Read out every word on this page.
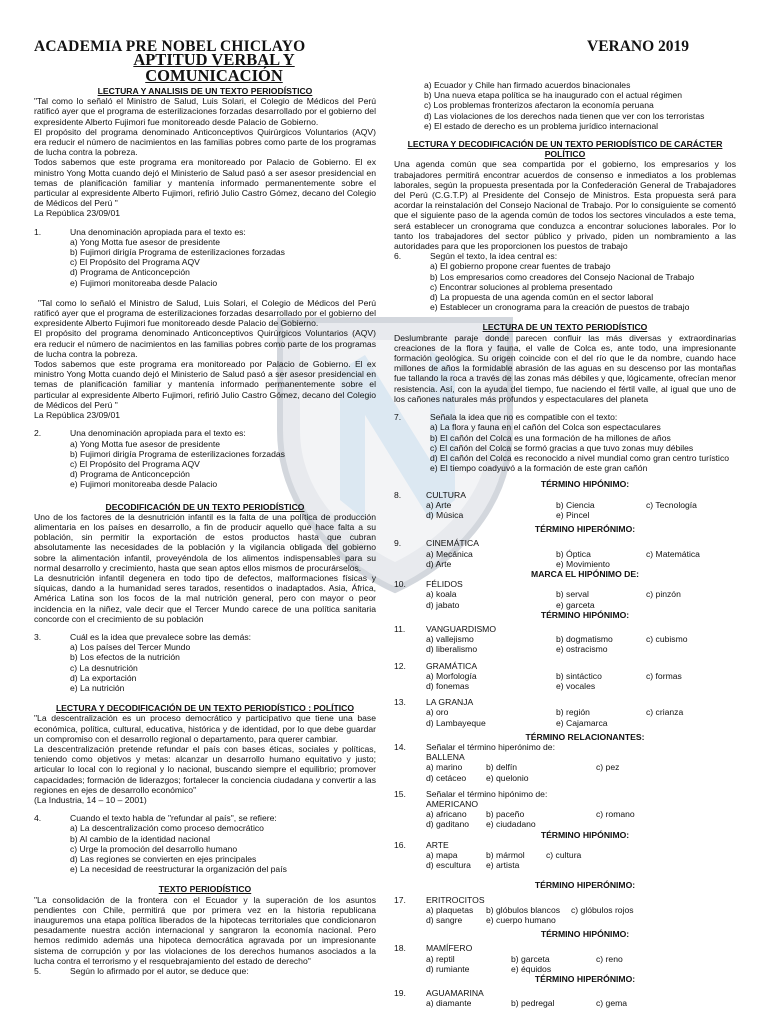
ACADEMIA PRE NOBEL CHICLAYO	VERANO 2019
APTITUD VERBAL Y
COMUNICACIÓN

LECTURA Y ANALISIS DE UN TEXTO PERIODÍSTICO

"Tal como lo señaló el Ministro de Salud, Luis Solari, el Colegio de Médicos del Perú ratificó ayer que el programa de esterilizaciones forzadas desarrollado por el gobierno del expresidente Alberto Fujimori fue monitoreado desde Palacio de Gobierno.

El propósito del programa denominado Anticonceptivos Quirúrgicos Voluntarios (AQV) era reducir el número de nacimientos en las familias pobres como parte de los programas de lucha contra la pobreza.

Todos sabemos que este programa era monitoreado por Palacio de Gobierno. El ex ministro Yong Motta cuando dejó el Ministerio de Salud pasó a ser asesor presidencial en temas de planificación familiar y mantenía informado permanentemente sobre el particular al expresidente Alberto Fujimori, refirió Julio Castro Gómez, decano del Colegio de Médicos del Perú "

La República 23/09/01

1.	Una denominación apropiada para el texto es:

a) Yong Motta fue asesor de presidente

b) Fujimori dirigía Programa de esterilizaciones forzadas

c) El Propósito del Programa AQV

d) Programa de Anticoncepción

e) Fujimori monitoreaba desde Palacio

"Tal como lo señaló el Ministro de Salud, Luis Solari, el Colegio de Médicos del Perú ratificó ayer que el programa de esterilizaciones forzadas desarrollado por el gobierno del expresidente Alberto Fujimori fue monitoreado desde Palacio de Gobierno.

El propósito del programa denominado Anticonceptivos Quirúrgicos Voluntarios (AQV) era reducir el número de nacimientos en las familias pobres como parte de los programas de lucha contra la pobreza.

Todos sabemos que este programa era monitoreado por Palacio de Gobierno. El ex ministro Yong Motta cuando dejó el Ministerio de Salud pasó a ser asesor presidencial en temas de planificación familiar y mantenía informado permanentemente sobre el particular al expresidente Alberto Fujimori, refirió Julio Castro Gómez, decano del Colegio de Médicos del Perú "

La República 23/09/01

2.	Una denominación apropiada para el texto es:

a) Yong Motta fue asesor de presidente

b) Fujimori dirigía Programa de esterilizaciones forzadas

c) El Propósito del Programa AQV

d) Programa de Anticoncepción

e) Fujimori monitoreaba desde Palacio

DECODIFICACIÓN DE UN TEXTO PERIODÍSTICO

Uno de los factores de la desnutrición infantil es la falta de una política de producción alimentaria en los países en desarrollo, a fin de producir aquello que hace falta a su población, sin permitir la exportación de estos productos hasta que cubran absolutamente las necesidades de la población y la vigilancia obligada del gobierno sobre la alimentación infantil, proveyéndola de los alimentos indispensables para su normal desarrollo y crecimiento, hasta que sean aptos ellos mismos de procurárselos.

La desnutrición infantil degenera en todo tipo de defectos, malformaciones físicas y síquicas, dando a la humanidad seres tarados, resentidos o inadaptados. Asia, África, América Latina son los focos de la mal nutrición general, pero con mayor o peor incidencia en la niñez, vale decir que el Tercer Mundo carece de una política sanitaria concorde con el crecimiento de su población

3.	Cuál es la idea que prevalece sobre las demás:

a) Los países del Tercer Mundo

b) Los efectos de la nutrición

c) La desnutrición

d) La exportación

e) La nutrición

LECTURA Y DECODIFICACIÓN DE UN TEXTO PERIODÍSTICO : POLÍTICO

"La descentralización es un proceso democrático y participativo que tiene una base económica, política, cultural, educativa, histórica y de identidad, por lo que debe guardar un compromiso con el desarrollo regional o departamento, para querer cambiar.

La descentralización pretende refundar el país con bases éticas, sociales y políticas, teniendo como objetivos y metas: alcanzar un desarrollo humano equitativo y justo; articular lo local con lo regional y lo nacional, buscando siempre el equilibrio; promover capacidades; formación de liderazgos; fortalecer la conciencia ciudadana y convertir a las regiones en ejes de desarrollo económico"

(La Industria, 14 – 10 – 2001)

4.	Cuando el texto habla de "refundar al país", se refiere:

a) La descentralización como proceso democrático

b) Al cambio de la identidad nacional

c) Urge la promoción del desarrollo humano

d) Las regiones se convierten en ejes principales

e) La necesidad de reestructurar la organización del país

TEXTO PERIODÍSTICO

"La consolidación de la frontera con el Ecuador y la superación de los asuntos pendientes con Chile, permitirá que por primera vez en la historia republicana inauguremos una etapa política liberados de la hipotecas territoriales que condicionaron pesadamente nuestra acción internacional y sangraron la economía nacional. Pero hemos redimido además una hipoteca democrática agravada por un impresionante sistema de corrupción y por las violaciones de los derechos humanos asociados a la lucha contra el terrorismo y el resquebrajamiento del estado de derecho"

5.	Según lo afirmado por el autor, se deduce que:

a) Ecuador y Chile han firmado acuerdos binacionales

b) Una nueva etapa política se ha inaugurado con el actual régimen

c) Los problemas fronterizos afectaron la economía peruana

d) Las violaciones de los derechos nada tienen que ver con los terroristas

e) El estado de derecho es un problema jurídico internacional

LECTURA Y DECODIFICACIÓN DE UN TEXTO PERIODÍSTICO DE CARÁCTER

POLÍTICO

Una agenda común que sea compartida por el gobierno, los empresarios y los trabajadores permitirá encontrar acuerdos de consenso e inmediatos a los problemas laborales, según la propuesta presentada por la Confederación General de Trabajadores del Perú (C.G.T.P) al Presidente del Consejo de Ministros. Esta propuesta será para acordar la reinstalación del Consejo Nacional de Trabajo. Por lo consiguiente se comentó que el siguiente paso de la agenda común de todos los sectores vinculados a este tema, será establecer un cronograma que conduzca a encontrar soluciones laborales. Por lo tanto los trabajadores del sector público y privado, piden un nombramiento a las autoridades para que les proporcionen los puestos de trabajo

6.	Según el texto, la idea central es:

a) El gobierno propone crear fuentes de trabajo

b) Los empresarios como creadores del Consejo Nacional de Trabajo

c) Encontrar soluciones al problema presentado

d) La propuesta de una agenda común en el sector laboral

e) Establecer un cronograma para la creación de puestos de trabajo

LECTURA DE UN TEXTO PERIODÍSTICO

Deslumbrante paraje donde parecen confluir las más diversas y extraordinarias creaciones de la flora y fauna, el valle de Colca es, ante todo, una impresionante formación geológica. Su origen coincide con el del río que le da nombre, cuando hace millones de años la formidable abrasión de las aguas en su descenso por las montañas fue tallando la roca a través de las zonas más débiles y que, lógicamente, ofrecían menor resistencia. Así, con la ayuda del tiempo, fue naciendo el fértil valle, al igual que uno de los cañones naturales más profundos y espectaculares del planeta

7.	Señala la idea que no es compatible con el texto:

a) La flora y fauna en el cañón del Colca son espectaculares

b) El cañón del Colca es una formación de ha millones de años

c) El cañón del Colca se formó gracias a que tuvo zonas muy débiles

d) El cañón del Colca es reconocido a nivel mundial como gran centro turístico

e) El tiempo coadyuvó a la formación de este gran cañón

TÉRMINO HIPÓNIMO:

8.	CULTURA
a) Arte	b) Ciencia	c) Tecnología
d) Música	e) Pincel

TÉRMINO HIPERÓNIMO:

9.	CINEMÁTICA
a) Mecánica	b) Óptica	c) Matemática
d) Arte	e) Movimiento

MARCA EL HIPÓNIMO DE:

10.	FÉLIDOS
a) koala	b) serval	c) pinzón
d) jabato	e) garceta

TÉRMINO HIPÓNIMO:

11.	VANGUARDISMO
a) vallejismo	b) dogmatismo	c) cubismo
d) liberalismo	e) ostracismo
12.	GRAMÁTICA
a) Morfología	b) sintáctico	c) formas
d) fonemas	e) vocales
13.	LA GRANJA
a) oro	b) región	c) crianza
d) Lambayeque	e) Cajamarca

TÉRMINO RELACIONANTES:

14.	Señalar el término hiperónimo de:
BALLENA
a) marino	b) delfín	c) pez
d) cetáceo	e) quelonio
15.	Señalar el término hipónimo de:
AMERICANO
a) africano	b) paceño	c) romano
d) gaditano	e) ciudadano

TÉRMINO HIPÓNIMO:

16.	ARTE
a) mapa	b) mármol	c) cultura
d) escultura	e) artista

TÉRMINO HIPERÓNIMO:

17.	ERITROCITOS
a) plaquetas	b) glóbulos blancos	c) glóbulos rojos
d) sangre	e) cuerpo humano

TÉRMINO HIPÓNIMO:

18.	MAMÍFERO
a) reptil	b) garceta	c) reno
d) rumiante	e) équidos

TÉRMINO HIPERÓNIMO:

19.	AGUAMARINA
a) diamante	b) pedregal	c) gema
